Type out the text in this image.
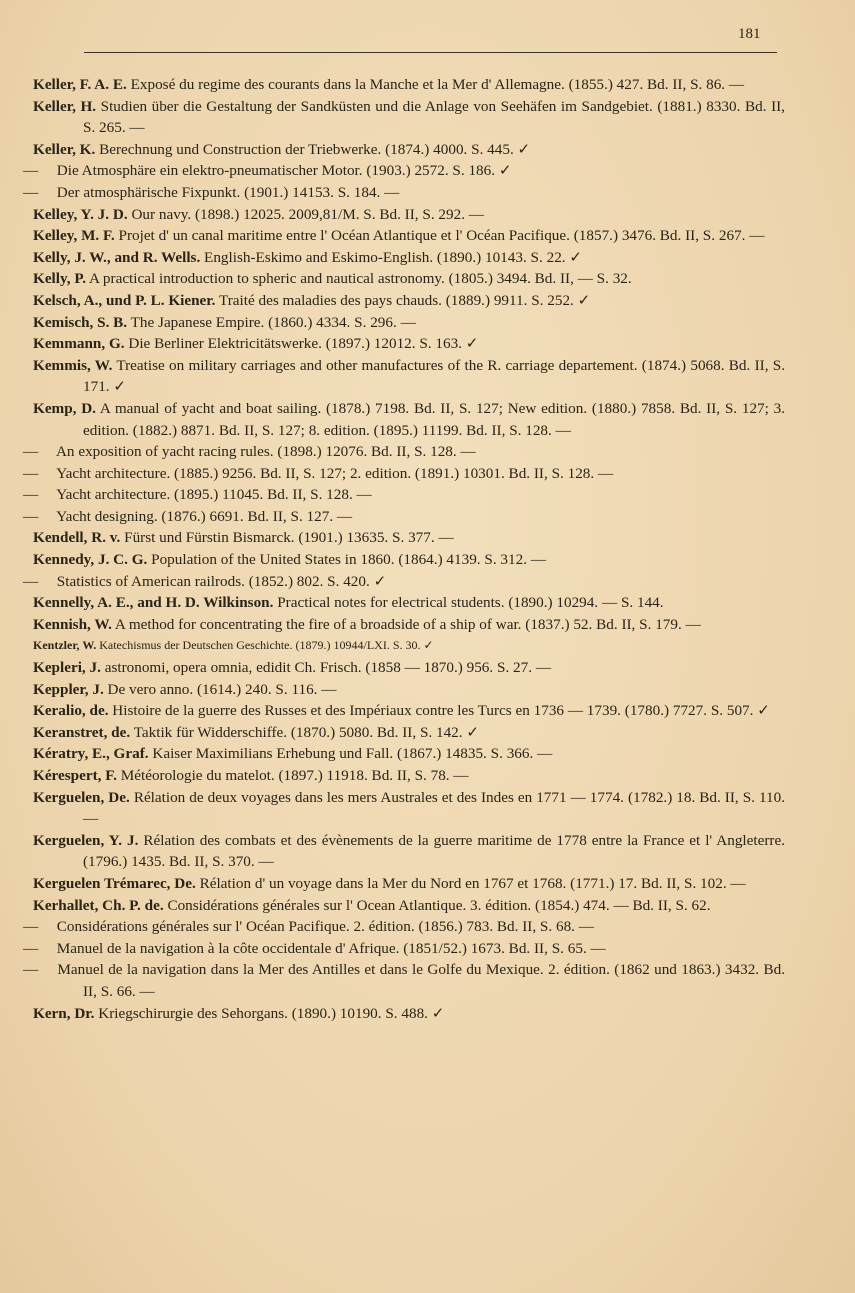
181

Keller, F. A. E. Exposé du regime des courants dans la Manche et la Mer d' Allemagne. (1855.) 427. Bd. II, S. 86. —

Keller, H. Studien über die Gestaltung der Sandküsten und die Anlage von Seehäfen im Sandgebiet. (1881.) 8330. Bd. II, S. 265. —

Keller, K. Berechnung und Construction der Triebwerke. (1874.) 4000. S. 445. ✓

— Die Atmosphäre ein elektro-pneumatischer Motor. (1903.) 2572. S. 186. ✓

— Der atmosphärische Fixpunkt. (1901.) 14153. S. 184. —

Kelley, Y. J. D. Our navy. (1898.) 12025. 2009,81/M. S. Bd. II, S. 292. —

Kelley, M. F. Projet d' un canal maritime entre l' Océan Atlantique et l' Océan Pacifique. (1857.) 3476. Bd. II, S. 267. —

Kelly, J. W., and R. Wells. English-Eskimo and Eskimo-English. (1890.) 10143. S. 22. ✓

Kelly, P. A practical introduction to spheric and nautical astronomy. (1805.) 3494. Bd. II, — S. 32.

Kelsch, A., und P. L. Kiener. Traité des maladies des pays chauds. (1889.) 9911. S. 252. ✓

Kemisch, S. B. The Japanese Empire. (1860.) 4334. S. 296. —

Kemmann, G. Die Berliner Elektricitätswerke. (1897.) 12012. S. 163. ✓

Kemmis, W. Treatise on military carriages and other manufactures of the R. carriage departement. (1874.) 5068. Bd. II, S. 171. ✓

Kemp, D. A manual of yacht and boat sailing. (1878.) 7198. Bd. II, S. 127; New edition. (1880.) 7858. Bd. II, S. 127; 3. edition. (1882.) 8871. Bd. II, S. 127; 8. edition. (1895.) 11199. Bd. II, S. 128. —

— An exposition of yacht racing rules. (1898.) 12076. Bd. II, S. 128. —

— Yacht architecture. (1885.) 9256. Bd. II, S. 127; 2. edition. (1891.) 10301. Bd. II, S. 128. —

— Yacht architecture. (1895.) 11045. Bd. II, S. 128. —

— Yacht designing. (1876.) 6691. Bd. II, S. 127. —

Kendell, R. v. Fürst und Fürstin Bismarck. (1901.) 13635. S. 377. —

Kennedy, J. C. G. Population of the United States in 1860. (1864.) 4139. S. 312. —

— Statistics of American railrods. (1852.) 802. S. 420. ✓

Kennelly, A. E., and H. D. Wilkinson. Practical notes for electrical students. (1890.) 10294. — S. 144.

Kennish, W. A method for concentrating the fire of a broadside of a ship of war. (1837.) 52. Bd. II, S. 179. —

Kentzler, W. Katechismus der Deutschen Geschichte. (1879.) 10944/LXI. S. 30. ✓

Kepleri, J. astronomi, opera omnia, edidit Ch. Frisch. (1858 — 1870.) 956. S. 27. —

Keppler, J. De vero anno. (1614.) 240. S. 116. —

Keralio, de. Histoire de la guerre des Russes et des Impériaux contre les Turcs en 1736 — 1739. (1780.) 7727. S. 507. ✓

Keranstret, de. Taktik für Widderschiffe. (1870.) 5080. Bd. II, S. 142. ✓

Kératry, E., Graf. Kaiser Maximilians Erhebung und Fall. (1867.) 14835. S. 366. —

Kérespert, F. Météorologie du matelot. (1897.) 11918. Bd. II, S. 78. —

Kerguelen, De. Rélation de deux voyages dans les mers Australes et des Indes en 1771 — 1774. (1782.) 18. Bd. II, S. 110. —

Kerguelen, Y. J. Rélation des combats et des évènements de la guerre maritime de 1778 entre la France et l' Angleterre. (1796.) 1435. Bd. II, S. 370. —

Kerguelen Trémarec, De. Rélation d' un voyage dans la Mer du Nord en 1767 et 1768. (1771.) 17. Bd. II, S. 102. —

Kerhallet, Ch. P. de. Considérations générales sur l' Ocean Atlantique. 3. édition. (1854.) 474. — Bd. II, S. 62.

— Considérations générales sur l' Océan Pacifique. 2. édition. (1856.) 783. Bd. II, S. 68. —

— Manuel de la navigation à la côte occidentale d' Afrique. (1851/52.) 1673. Bd. II, S. 65. —

— Manuel de la navigation dans la Mer des Antilles et dans le Golfe du Mexique. 2. édition. (1862 und 1863.) 3432. Bd. II, S. 66. —

Kern, Dr. Kriegschirurgie des Sehorgans. (1890.) 10190. S. 488. ✓
